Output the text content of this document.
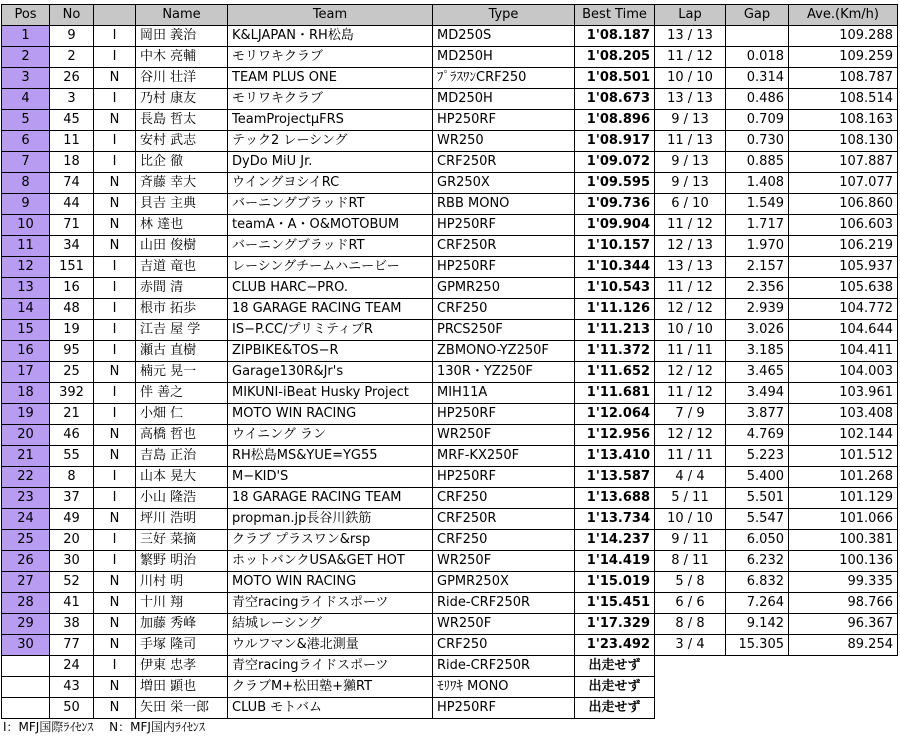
Pos	No		Name	Team	Type	Best Time	Lap	Gap	Ave.(Km/h)
1	9	I	岡田 義治	K&LJAPAN・RH松島	MD250S	1'08.187	13 / 13		109.288
2	2	I	中木 亮輔	モリワキクラブ	MD250H	1'08.205	11 / 12	0.018	109.259
3	26	N	谷川 壮洋	TEAM PLUS ONE	ﾌﾟﾗｽﾜﾝCRF250	1'08.501	10 / 10	0.314	108.787
4	3	I	乃村 康友	モリワキクラブ	MD250H	1'08.673	13 / 13	0.486	108.514
5	45	N	長島 哲太	TeamProjectμFRS	HP250RF	1'08.896	9 / 13	0.709	108.163
6	11	I	安村 武志	テック2 レーシング	WR250	1'08.917	11 / 13	0.730	108.130
7	18	I	比企 徹	DyDo MiU Jr.	CRF250R	1'09.072	9 / 13	0.885	107.887
8	74	N	斉藤 幸大	ウイングヨシイRC	GR250X	1'09.595	9 / 13	1.408	107.077
9	44	N	貝𠮷 主典	バーニングブラッドRT	RBB MONO	1'09.736	6 / 10	1.549	106.860
10	71	N	林 達也	teamA・A・O&MOTOBUM	HP250RF	1'09.904	11 / 12	1.717	106.603
11	34	N	山田 俊樹	バーニングブラッドRT	CRF250R	1'10.157	12 / 13	1.970	106.219
12	151	I	吉道 竜也	レーシングチームハニービー	HP250RF	1'10.344	13 / 13	2.157	105.937
13	16	I	赤間 清	CLUB HARC−PRO.	GPMR250	1'10.543	11 / 12	2.356	105.638
14	48	I	根市 拓歩	18 GARAGE RACING TEAM	CRF250	1'11.126	12 / 12	2.939	104.772
15	19	I	江𠮷 屋 学	IS−P.CC/プリミティブR	PRCS250F	1'11.213	10 / 10	3.026	104.644
16	95	I	瀬古 直樹	ZIPBIKE&TOS−R	ZBMONO-YZ250F	1'11.372	11 / 11	3.185	104.411
17	25	N	楠元 晃一	Garage130R&Jr's	130R・YZ250F	1'11.652	12 / 12	3.465	104.003
18	392	I	伴 善之	MIKUNI-iBeat Husky Project	MIH11A	1'11.681	11 / 12	3.494	103.961
19	21	I	小畑 仁	MOTO WIN RACING	HP250RF	1'12.064	7 / 9	3.877	103.408
20	46	N	高橋 哲也	ウイニング ラン	WR250F	1'12.956	12 / 12	4.769	102.144
21	55	N	吉島 正治	RH松島MS&YUE=YG55	MRF-KX250F	1'13.410	11 / 11	5.223	101.512
22	8	I	山本 晃大	M−KID'S	HP250RF	1'13.587	4 / 4	5.400	101.268
23	37	I	小山 隆浩	18 GARAGE RACING TEAM	CRF250	1'13.688	5 / 11	5.501	101.129
24	49	N	坪川 浩明	propman.jp長谷川鉄筋	CRF250R	1'13.734	10 / 10	5.547	101.066
25	20	I	三好 菜摘	クラブ プラスワン&rsp	CRF250	1'14.237	9 / 11	6.050	100.381
26	30	I	繁野 明治	ホットバンクUSA&GET HOT	WR250F	1'14.419	8 / 11	6.232	100.136
27	52	N	川村 明	MOTO WIN RACING	GPMR250X	1'15.019	5 / 8	6.832	99.335
28	41	N	十川 翔	青空racingライドスポーツ	Ride-CRF250R	1'15.451	6 / 6	7.264	98.766
29	38	N	加藤 秀峰	結城レーシング	WR250F	1'17.329	8 / 8	9.142	96.367
30	77	N	手塚 隆司	ウルフマン&港北測量	CRF250	1'23.492	3 / 4	15.305	89.254
	24	I	伊東 忠孝	青空racingライドスポーツ	Ride-CRF250R	出走せず			
	43	N	増田 顕也	クラブM+松田塾+獺RT	ﾓﾘﾜｷ MONO	出走せず			
	50	N	矢田 栄一郎	CLUB モトバム	HP250RF	出走せず			
I：MFJ国際ﾗｲｾﾝｽ　 N：MFJ国内ﾗｲｾﾝｽ
